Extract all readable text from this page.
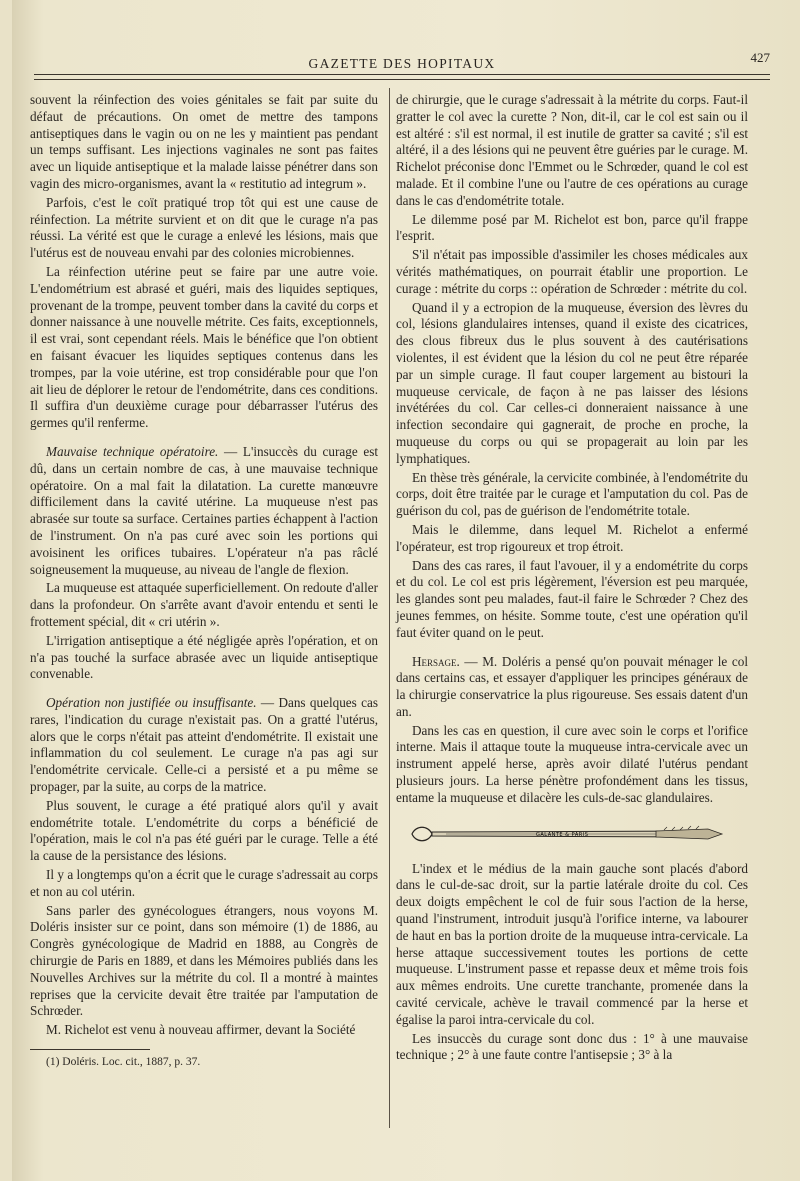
GAZETTE DES HOPITAUX	427

souvent la réinfection des voies génitales se fait par suite du défaut de précautions. On omet de mettre des tampons antiseptiques dans le vagin ou on ne les y maintient pas pendant un temps suffisant. Les injections vaginales ne sont pas faites avec un liquide antiseptique et la malade laisse pénétrer dans son vagin des micro-organismes, avant la « restitutio ad integrum ».

Parfois, c'est le coït pratiqué trop tôt qui est une cause de réinfection. La métrite survient et on dit que le curage n'a pas réussi. La vérité est que le curage a enlevé les lésions, mais que l'utérus est de nouveau envahi par des colonies microbiennes.

La réinfection utérine peut se faire par une autre voie. L'endométrium est abrasé et guéri, mais des liquides septiques, provenant de la trompe, peuvent tomber dans la cavité du corps et donner naissance à une nouvelle métrite. Ces faits, exceptionnels, il est vrai, sont cependant réels. Mais le bénéfice que l'on obtient en faisant évacuer les liquides septiques contenus dans les trompes, par la voie utérine, est trop considérable pour que l'on ait lieu de déplorer le retour de l'endométrite, dans ces conditions. Il suffira d'un deuxième curage pour débarrasser l'utérus des germes qu'il renferme.

Mauvaise technique opératoire. — L'insuccès du curage est dû, dans un certain nombre de cas, à une mauvaise technique opératoire. On a mal fait la dilatation. La curette manœuvre difficilement dans la cavité utérine. La muqueuse n'est pas abrasée sur toute sa surface. Certaines parties échappent à l'action de l'instrument. On n'a pas curé avec soin les portions qui avoisinent les orifices tubaires. L'opérateur n'a pas râclé soigneusement la muqueuse, au niveau de l'angle de flexion.

La muqueuse est attaquée superficiellement. On redoute d'aller dans la profondeur. On s'arrête avant d'avoir entendu et senti le frottement spécial, dit « cri utérin ».

L'irrigation antiseptique a été négligée après l'opération, et on n'a pas touché la surface abrasée avec un liquide antiseptique convenable.

Opération non justifiée ou insuffisante. — Dans quelques cas rares, l'indication du curage n'existait pas. On a gratté l'utérus, alors que le corps n'était pas atteint d'endométrite. Il existait une inflammation du col seulement. Le curage n'a pas agi sur l'endométrite cervicale. Celle-ci a persisté et a pu même se propager, par la suite, au corps de la matrice.

Plus souvent, le curage a été pratiqué alors qu'il y avait endométrite totale. L'endométrite du corps a bénéficié de l'opération, mais le col n'a pas été guéri par le curage. Telle a été la cause de la persistance des lésions.

Il y a longtemps qu'on a écrit que le curage s'adressait au corps et non au col utérin.

Sans parler des gynécologues étrangers, nous voyons M. Doléris insister sur ce point, dans son mémoire (1) de 1886, au Congrès gynécologique de Madrid en 1888, au Congrès de chirurgie de Paris en 1889, et dans les Mémoires publiés dans les Nouvelles Archives sur la métrite du col. Il a montré à maintes reprises que la cervicite devait être traitée par l'amputation de Schrœder.

M. Richelot est venu à nouveau affirmer, devant la Société

(1) Doléris. Loc. cit., 1887, p. 37.

de chirurgie, que le curage s'adressait à la métrite du corps. Faut-il gratter le col avec la curette ? Non, dit-il, car le col est sain ou il est altéré : s'il est normal, il est inutile de gratter sa cavité ; s'il est altéré, il a des lésions qui ne peuvent être guéries par le curage. M. Richelot préconise donc l'Emmet ou le Schrœder, quand le col est malade. Et il combine l'une ou l'autre de ces opérations au curage dans le cas d'endométrite totale.

Le dilemme posé par M. Richelot est bon, parce qu'il frappe l'esprit.

S'il n'était pas impossible d'assimiler les choses médicales aux vérités mathématiques, on pourrait établir une proportion. Le curage : métrite du corps :: opération de Schrœder : métrite du col.

Quand il y a ectropion de la muqueuse, éversion des lèvres du col, lésions glandulaires intenses, quand il existe des cicatrices, des clous fibreux dus le plus souvent à des cautérisations violentes, il est évident que la lésion du col ne peut être réparée par un simple curage. Il faut couper largement au bistouri la muqueuse cervicale, de façon à ne pas laisser des lésions invétérées du col. Car celles-ci donneraient naissance à une infection secondaire qui gagnerait, de proche en proche, la muqueuse du corps ou qui se propagerait au loin par les lymphatiques.

En thèse très générale, la cervicite combinée, à l'endométrite du corps, doit être traitée par le curage et l'amputation du col. Pas de guérison du col, pas de guérison de l'endométrite totale.

Mais le dilemme, dans lequel M. Richelot a enfermé l'opérateur, est trop rigoureux et trop étroit.

Dans des cas rares, il faut l'avouer, il y a endométrite du corps et du col. Le col est pris légèrement, l'éversion est peu marquée, les glandes sont peu malades, faut-il faire le Schrœder ? Chez des jeunes femmes, on hésite. Somme toute, c'est une opération qu'il faut éviter quand on le peut.

Hersage. — M. Doléris a pensé qu'on pouvait ménager le col dans certains cas, et essayer d'appliquer les principes généraux de la chirurgie conservatrice la plus rigoureuse. Ses essais datent d'un an.

Dans les cas en question, il cure avec soin le corps et l'orifice interne. Mais il attaque toute la muqueuse intra-cervicale avec un instrument appelé herse, après avoir dilaté l'utérus pendant plusieurs jours. La herse pénètre profondément dans les tissus, entame la muqueuse et dilacère les culs-de-sac glandulaires.

GALANTE & PARIS

L'index et le médius de la main gauche sont placés d'abord dans le cul-de-sac droit, sur la partie latérale droite du col. Ces deux doigts empêchent le col de fuir sous l'action de la herse, quand l'instrument, introduit jusqu'à l'orifice interne, va labourer de haut en bas la portion droite de la muqueuse intra-cervicale. La herse attaque successivement toutes les portions de cette muqueuse. L'instrument passe et repasse deux et même trois fois aux mêmes endroits. Une curette tranchante, promenée dans la cavité cervicale, achève le travail commencé par la herse et égalise la paroi intra-cervicale du col.

Les insuccès du curage sont donc dus : 1° à une mauvaise technique ; 2° à une faute contre l'antisepsie ; 3° à la
